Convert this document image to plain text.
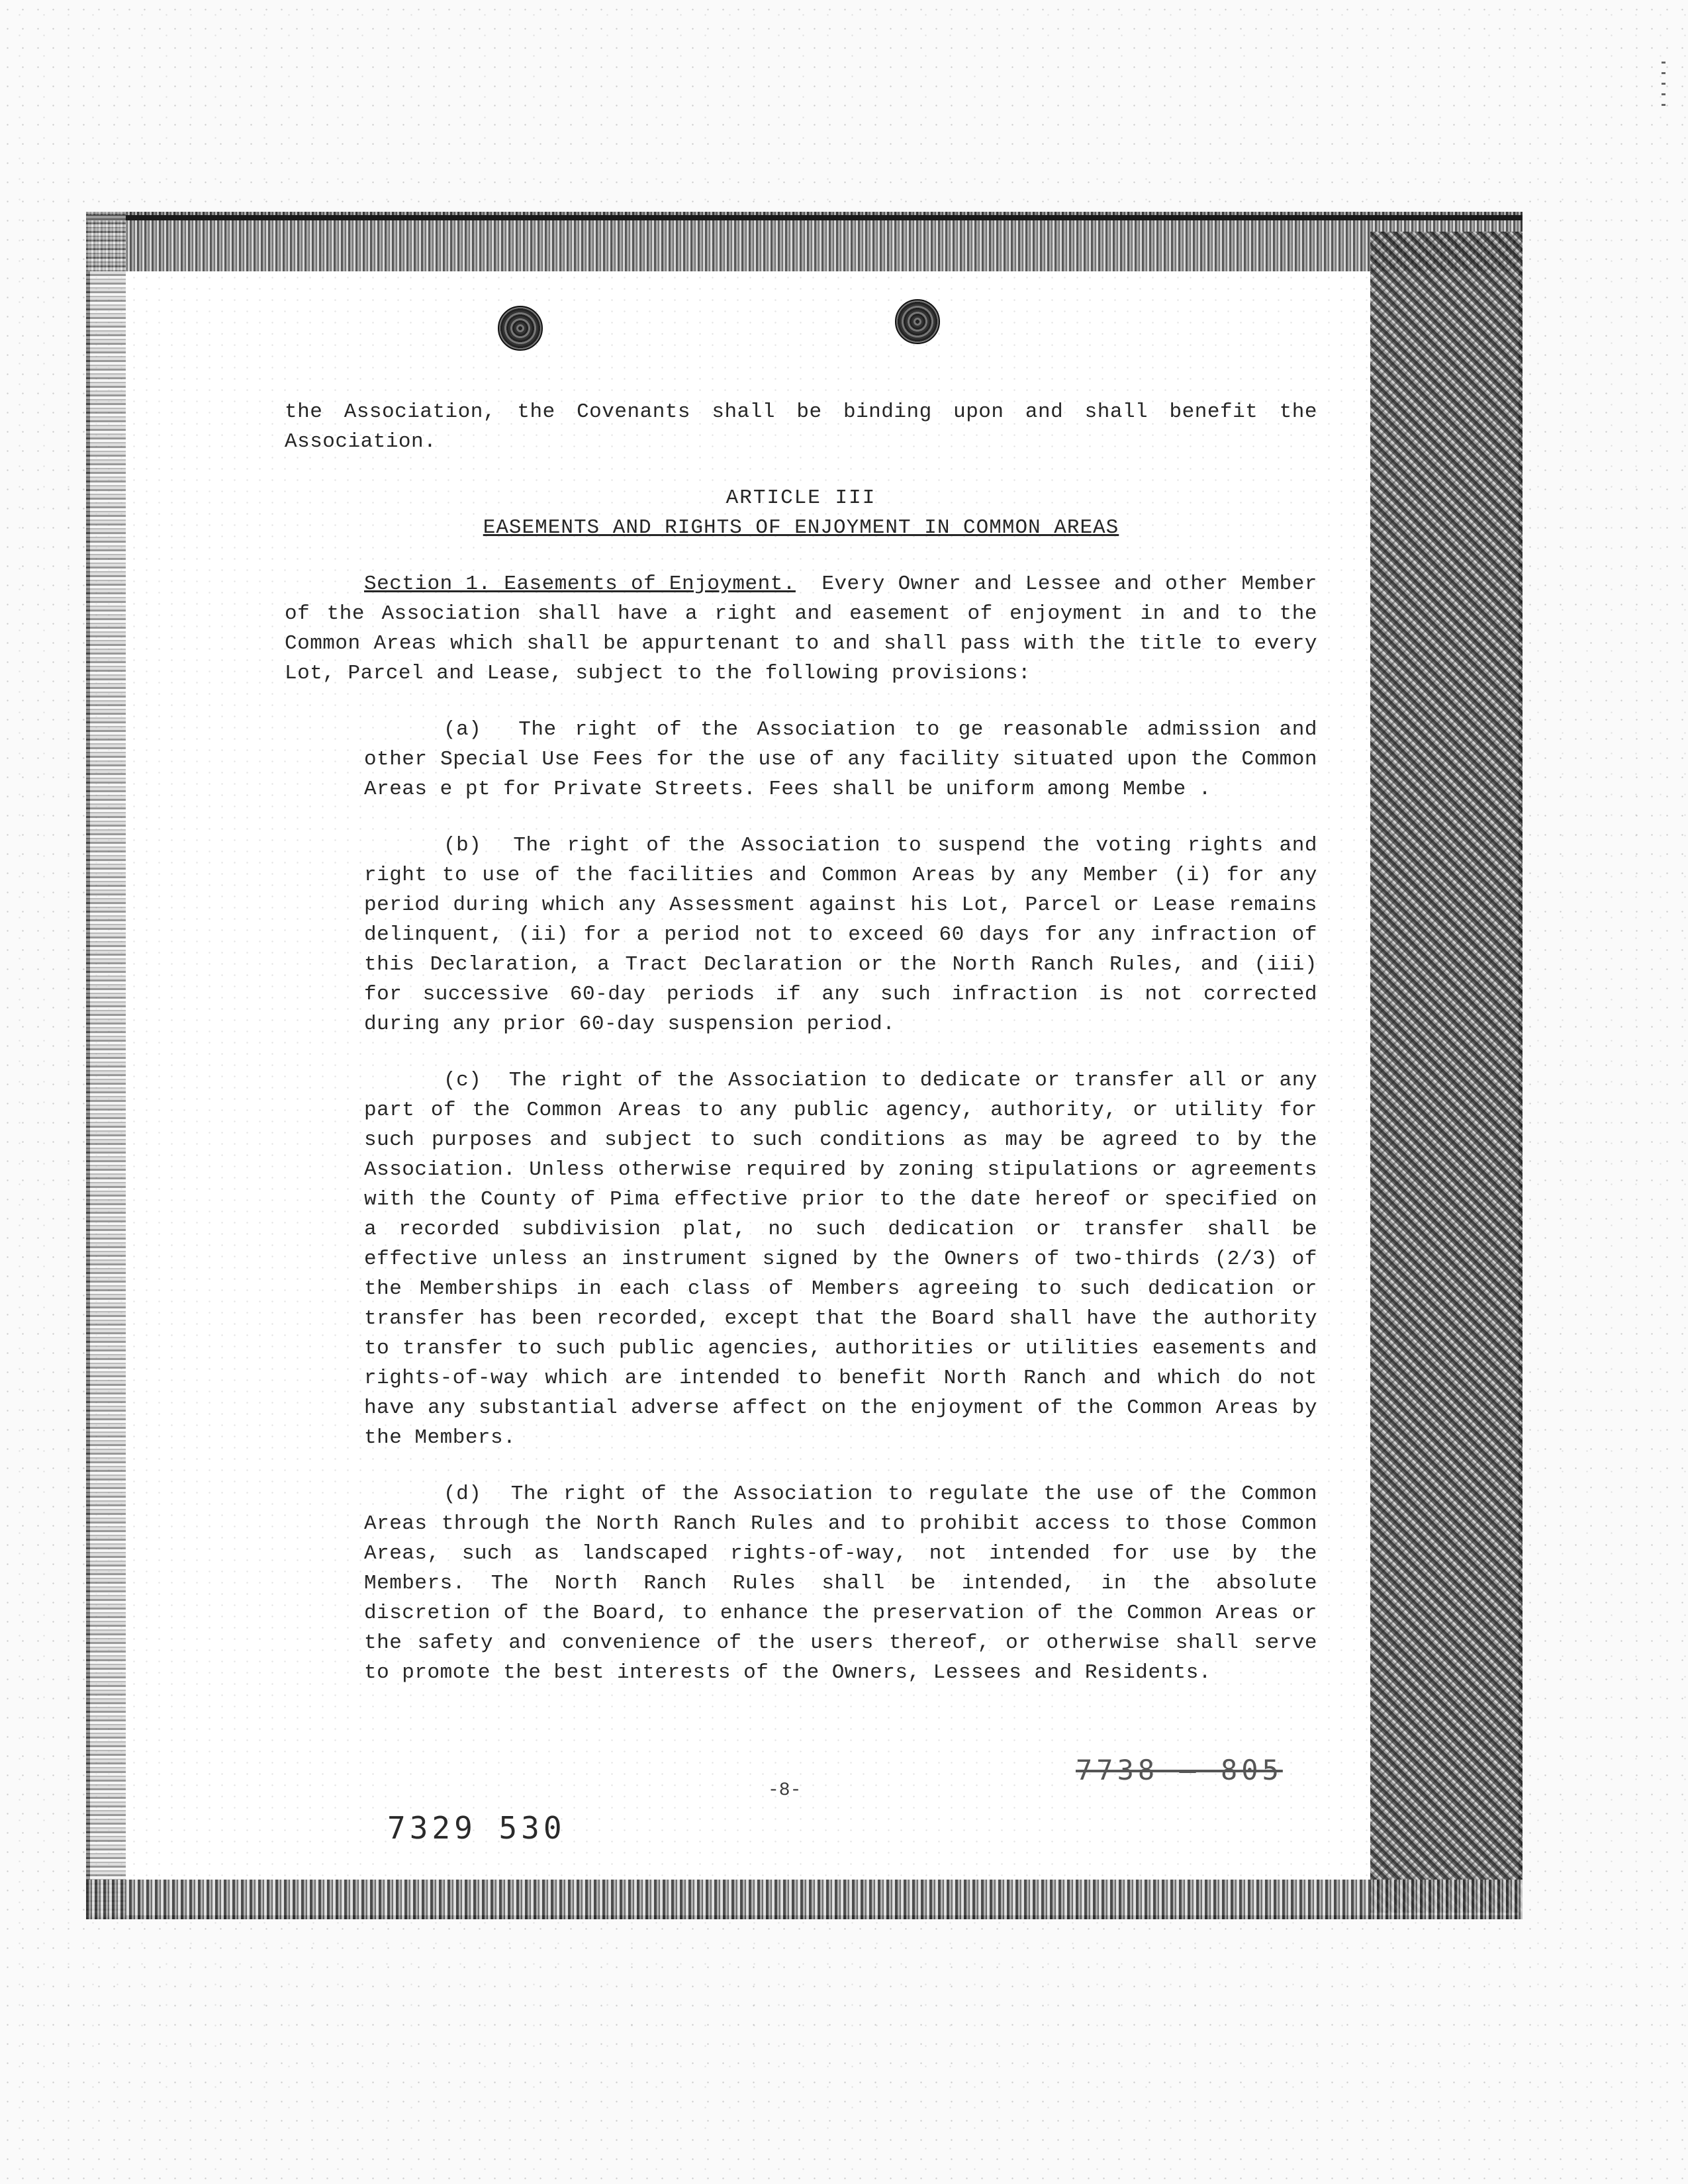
the Association, the Covenants shall be binding upon and shall benefit the Association.

ARTICLE III

EASEMENTS AND RIGHTS OF ENJOYMENT IN COMMON AREAS

Section 1. Easements of Enjoyment. Every Owner and Lessee and other Member of the Association shall have a right and easement of enjoyment in and to the Common Areas which shall be appurtenant to and shall pass with the title to every Lot, Parcel and Lease, subject to the following provisions:

(a) The right of the Association to ge reasonable admission and other Special Use Fees for the use of any facility situated upon the Common Areas e pt for Private Streets. Fees shall be uniform among Membe .

(b) The right of the Association to suspend the voting rights and right to use of the facilities and Common Areas by any Member (i) for any period during which any Assessment against his Lot, Parcel or Lease remains delinquent, (ii) for a period not to exceed 60 days for any infraction of this Declaration, a Tract Declaration or the North Ranch Rules, and (iii) for successive 60-day periods if any such infraction is not corrected during any prior 60-day suspension period.

(c) The right of the Association to dedicate or transfer all or any part of the Common Areas to any public agency, authority, or utility for such purposes and subject to such conditions as may be agreed to by the Association. Unless otherwise required by zoning stipulations or agreements with the County of Pima effective prior to the date hereof or specified on a recorded subdivision plat, no such dedication or transfer shall be effective unless an instrument signed by the Owners of two-thirds (2/3) of the Memberships in each class of Members agreeing to such dedication or transfer has been recorded, except that the Board shall have the authority to transfer to such public agencies, authorities or utilities easements and rights-of-way which are intended to benefit North Ranch and which do not have any substantial adverse affect on the enjoyment of the Common Areas by the Members.

(d) The right of the Association to regulate the use of the Common Areas through the North Ranch Rules and to prohibit access to those Common Areas, such as landscaped rights-of-way, not intended for use by the Members. The North Ranch Rules shall be intended, in the absolute discretion of the Board, to enhance the preservation of the Common Areas or the safety and convenience of the users thereof, or otherwise shall serve to promote the best interests of the Owners, Lessees and Residents.

-8-
7329 530
7738 — 805
